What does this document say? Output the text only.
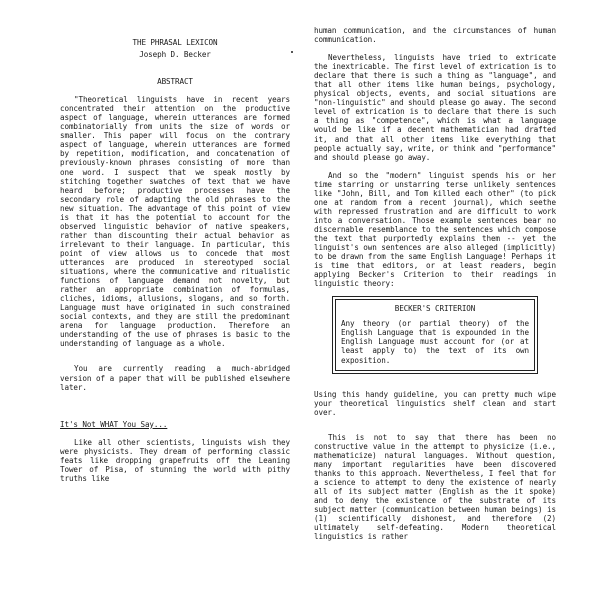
THE PHRASAL LEXICON
Joseph D. Becker
ABSTRACT

"Theoretical linguists have in recent years concentrated their attention on the productive aspect of language, wherein utterances are formed combinatorially from units the size of words or smaller. This paper will focus on the contrary aspect of language, wherein utterances are formed by repetition, modification, and concatenation of previously-known phrases consisting of more than one word. I suspect that we speak mostly by stitching together swatches of text that we have heard before; productive processes have the secondary role of adapting the old phrases to the new situation. The advantage of this point of view is that it has the potential to account for the observed linguistic behavior of native speakers, rather than discounting their actual behavior as irrelevant to their language. In particular, this point of view allows us to concede that most utterances are produced in stereotyped social situations, where the communicative and ritualistic functions of language demand not novelty, but rather an appropriate combination of formulas, cliches, idioms, allusions, slogans, and so forth. Language must have originated in such constrained social contexts, and they are still the predominant arena for language production. Therefore an understanding of the use of phrases is basic to the understanding of language as a whole.

You are currently reading a much-abridged version of a paper that will be published elsewhere later.

It's Not WHAT You Say...

Like all other scientists, linguists wish they were physicists. They dream of performing classic feats like dropping grapefruits off the Leaning Tower of Pisa, of stunning the world with pithy truths like

human communication, and the circumstances of human communication.

Nevertheless, linguists have tried to extricate the inextricable. The first level of extrication is to declare that there is such a thing as "language", and that all other items like human beings, psychology, physical objects, events, and social situations are "non-linguistic" and should please go away. The second level of extrication is to declare that there is such a thing as "competence", which is what a language would be like if a decent mathematician had drafted it, and that all other items like everything that people actually say, write, or think and "performance" and should please go away.

And so the "modern" linguist spends his or her time starring or unstarring terse unlikely sentences like "John, Bill, and Tom killed each other" (to pick one at random from a recent journal), which seethe with repressed frustration and are difficult to work into a conversation. Those example sentences bear no discernable resemblance to the sentences which compose the text that purportedly explains them -- yet the linguist's own sentences are also alleged (implicitly) to be drawn from the same English Language! Perhaps it is time that editors, or at least readers, begin applying Becker's Criterion to their readings in linguistic theory:

BECKER'S CRITERION

Any theory (or partial theory) of the English Language that is expounded in the English Language must account for (or at least apply to) the text of its own exposition.

Using this handy guideline, you can pretty much wipe your theoretical linguistics shelf clean and start over.

This is not to say that there has been no constructive value in the attempt to physicize (i.e., mathematicize) natural languages. Without question, many important regularities have been discovered thanks to this approach. Nevertheless, I feel that for a science to attempt to deny the existence of nearly all of its subject matter (English as the it spoke) and to deny the existence of the substrate of its subject matter (communication between human beings) is (1) scientifically dishonest, and therefore (2) ultimately self-defeating. Modern theoretical linguistics is rather
